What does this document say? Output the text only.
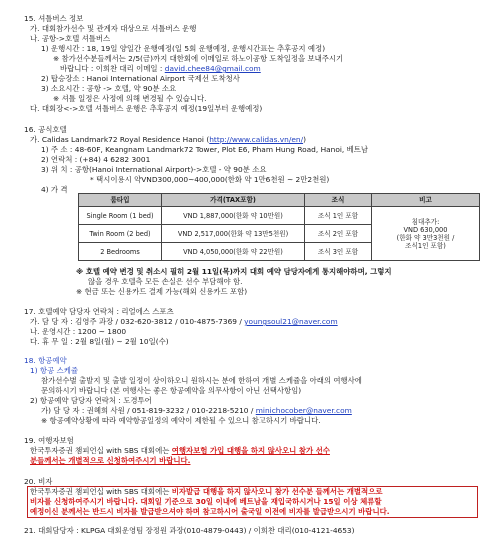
15. 셔틀버스 정보
가. 대회참가선수 및 관계자 대상으로 셔틀버스 운행
나. 공항->호텔 셔틀버스
1) 운행시간 : 18, 19일 양일간 운행예정(일 5회 운행예정, 운행시간표는 추후공지 예정)
※ 참가선수분들께서는 2/5(금)까지 대한회에 이메일로 하노이공항 도착일정을 보내주시기
바랍니다 : 이희찬 대리 이메일 : david.chee84@gmail.com
2) 탑승장소 : Hanoi International Airport 국제선 도착청사
3) 소요시간 : 공항 -> 호텔, 약 90분 소요
※ 셔틀 일정은 사정에 의해 변경될 수 있습니다.
다. 대회장<->호텔 셔틀버스 운행은 추후공지 예정(19일부터 운행예정)
16. 공식호텔
가. Calidas Landmark72 Royal Residence Hanoi (http://www.calidas.vn/en/)
1) 주 소 : 48-60F, Keangnam Landmark72 Tower, Plot E6, Pham Hung Road, Hanoi, 베트남
2) 연락처 : (+84) 4 6282 3001
3) 위 치 : 공항(Hanoi International Airport)->호텔 - 약 90분 소요
* 택시이용시 약VND300,000~400,000(한화 약 1만6천원 ~ 2만2천원)
4) 가 격
룸타입	가격(TAX포함)	조식	비고
Single Room (1 bed)	VND 1,887,000(한화 약 10만원)	조식 1인 포함	침대추가:
VND 630,000
(한화 약 3만3천원 /
조식1인 포함)

Twin Room (2 bed)	VND 2,517,000(한화 약 13만5천원)	조식 2인 포함	
2 Bedrooms	VND 4,050,000(한화 약 22만원)	조식 3인 포함	
※ 호텔 예약 변경 및 취소시 필히 2월 11일(목)까지 대회 예약 담당자에게 통지해야하며, 그렇지
않을 경우 호텔측 모든 손실은 선수 부담해야 함.
※ 현금 또는 신용카드 결제 가능(해외 신용카드 포함)
17. 호텔예약 담당자 연락처 : 리얼에스 스포츠
가. 담 당 자 : 김영주 과장 / 032-620-3812 / 010-4875-7369 / youngsoul21@naver.com
나. 운영시간 : 1200 ~ 1800
다. 휴 무 일 : 2월 8일(월) ~ 2월 10일(수)
18. 항공예약
1) 항공 스케쥴
참가선수별 출발지 및 출발 일정이 상이하오니 원하시는 분에 한하여 개별 스케쥴을 아래의 여행사에
문의하시기 바랍니다 (본 여행사는 좋은 항공예약을 의무사항이 아닌 선택사항임)
2) 항공예약 담당자 연락처 : 도경투어
가) 담 당 자 : 권혜희 사원 / 051-819-3232 / 010-2218-5210 / minichocober@naver.com
※ 항공예약상황에 따라 예약항공일정의 예약이 제한될 수 있으니 참고하시기 바랍니다.
19. 여행자보험
한국투자증권 챔피언십 with SBS 대회에는 여행자보험 가입 대행을 하지 않사오니 참가 선수
분들께서는 개별적으로 신청하여주시기 바랍니다.
20. 비자
한국투자증권 챔피언십 with SBS 대회에는 비자발급 대행을 하지 않사오니 참가 선수분 들께서는 개별적으로
비자를 신청하여주시기 바랍니다. 대회일 기준으로 30일 이내에 베트남을 재입국하시거나 15일 이상 체류할
예정이신 분께서는 반드시 비자를 발급받으셔야 하며 참고하시어 출국일 이전에 비자를 발급받으시기 바랍니다.
21. 대회담당자 : KLPGA 대회운영팀 장정원 과장(010-4879-0443) / 이희찬 대리(010-4121-4653)
